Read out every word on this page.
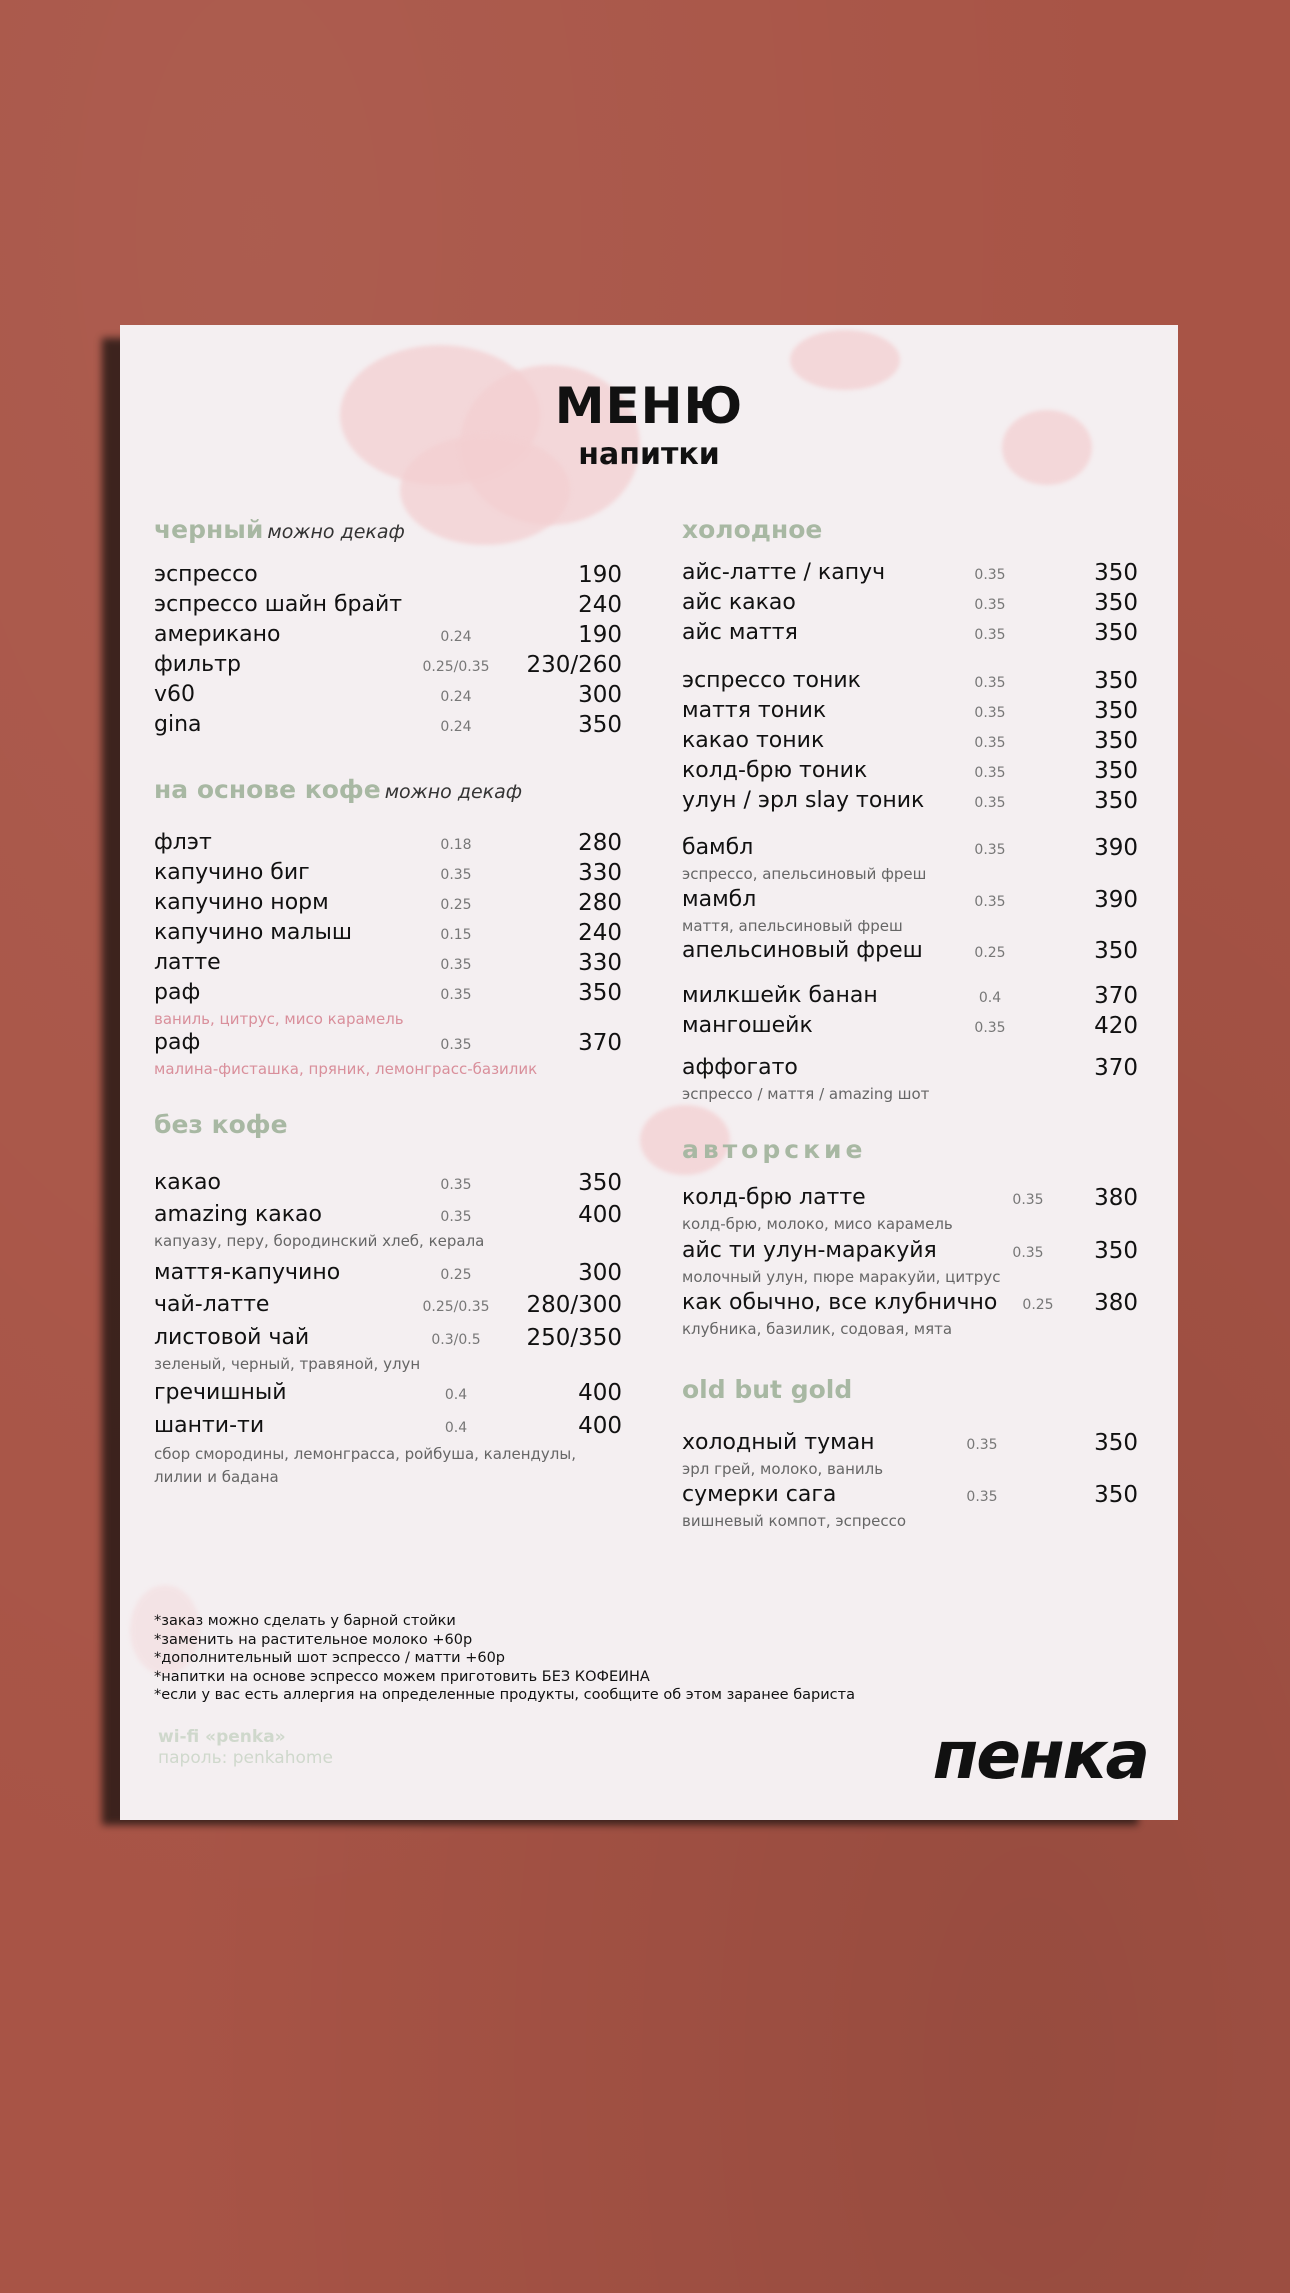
МЕНЮ
напитки
черный можно декаф
эспрессо	190
эспрессо шайн брайт	240
американо	0.24	190
фильтр	0.25/0.35 230/260
v60	0.24	300
gina	0.24	350
на основе кофе можно декаф
флэт	0.18	280
капучино биг	0.35	330
капучино норм	0.25	280
капучино малыш	0.15	240
латте	0.35	330
раф	0.35	350
ваниль, цитрус, мисо карамель
раф	0.35	370
малина-фисташка, пряник, лемонграсс-базилик
без кофе
какао	0.35	350
amazing какао	0.35	400
капуазу, перу, бородинский хлеб, керала
маття-капучино	0.25	300
чай-латте	0.25/0.35 280/300
листовой чай	0.3/0.5 250/350
зеленый, черный, травяной, улун
гречишный	0.4	400
шанти-ти	0.4	400
сбор смородины, лемонграсса, ройбуша, календулы, лилии и бадана
холодное
айс-латте / капуч	0.35	350
айс какао	0.35	350
айс маття	0.35	350
эспрессо тоник	0.35	350
маття тоник	0.35	350
какао тоник	0.35	350
колд-брю тоник	0.35	350
улун / эрл slay тоник	0.35	350
бамбл	0.35	390
эспрессо, апельсиновый фреш
мамбл	0.35	390
маття, апельсиновый фреш
апельсиновый фреш	0.25	350
милкшейк банан	0.4	370
мангошейк	0.35	420
аффогато	370
эспрессо / маття / amazing шот
авторские
колд-брю латте	0.35 380
колд-брю, молоко, мисо карамель
айс ти улун-маракуйя	0.35 350
молочный улун, пюре маракуйи, цитрус
как обычно, все клубнично 0.25 380
клубника, базилик, содовая, мята
old but gold
холодный туман	0.35	350
эрл грей, молоко, ваниль
сумерки сага	0.35	350
вишневый компот, эспрессо
*заказ можно сделать у барной стойки
*заменить на растительное молоко +60р
*дополнительный шот эспрессо / матти +60р
*напитки на основе эспрессо можем приготовить БЕЗ КОФЕИНА
*если у вас есть аллергия на определенные продукты, сообщите об этом заранее бариста
wi-fi «penka»
пароль: penkahome	пенка
